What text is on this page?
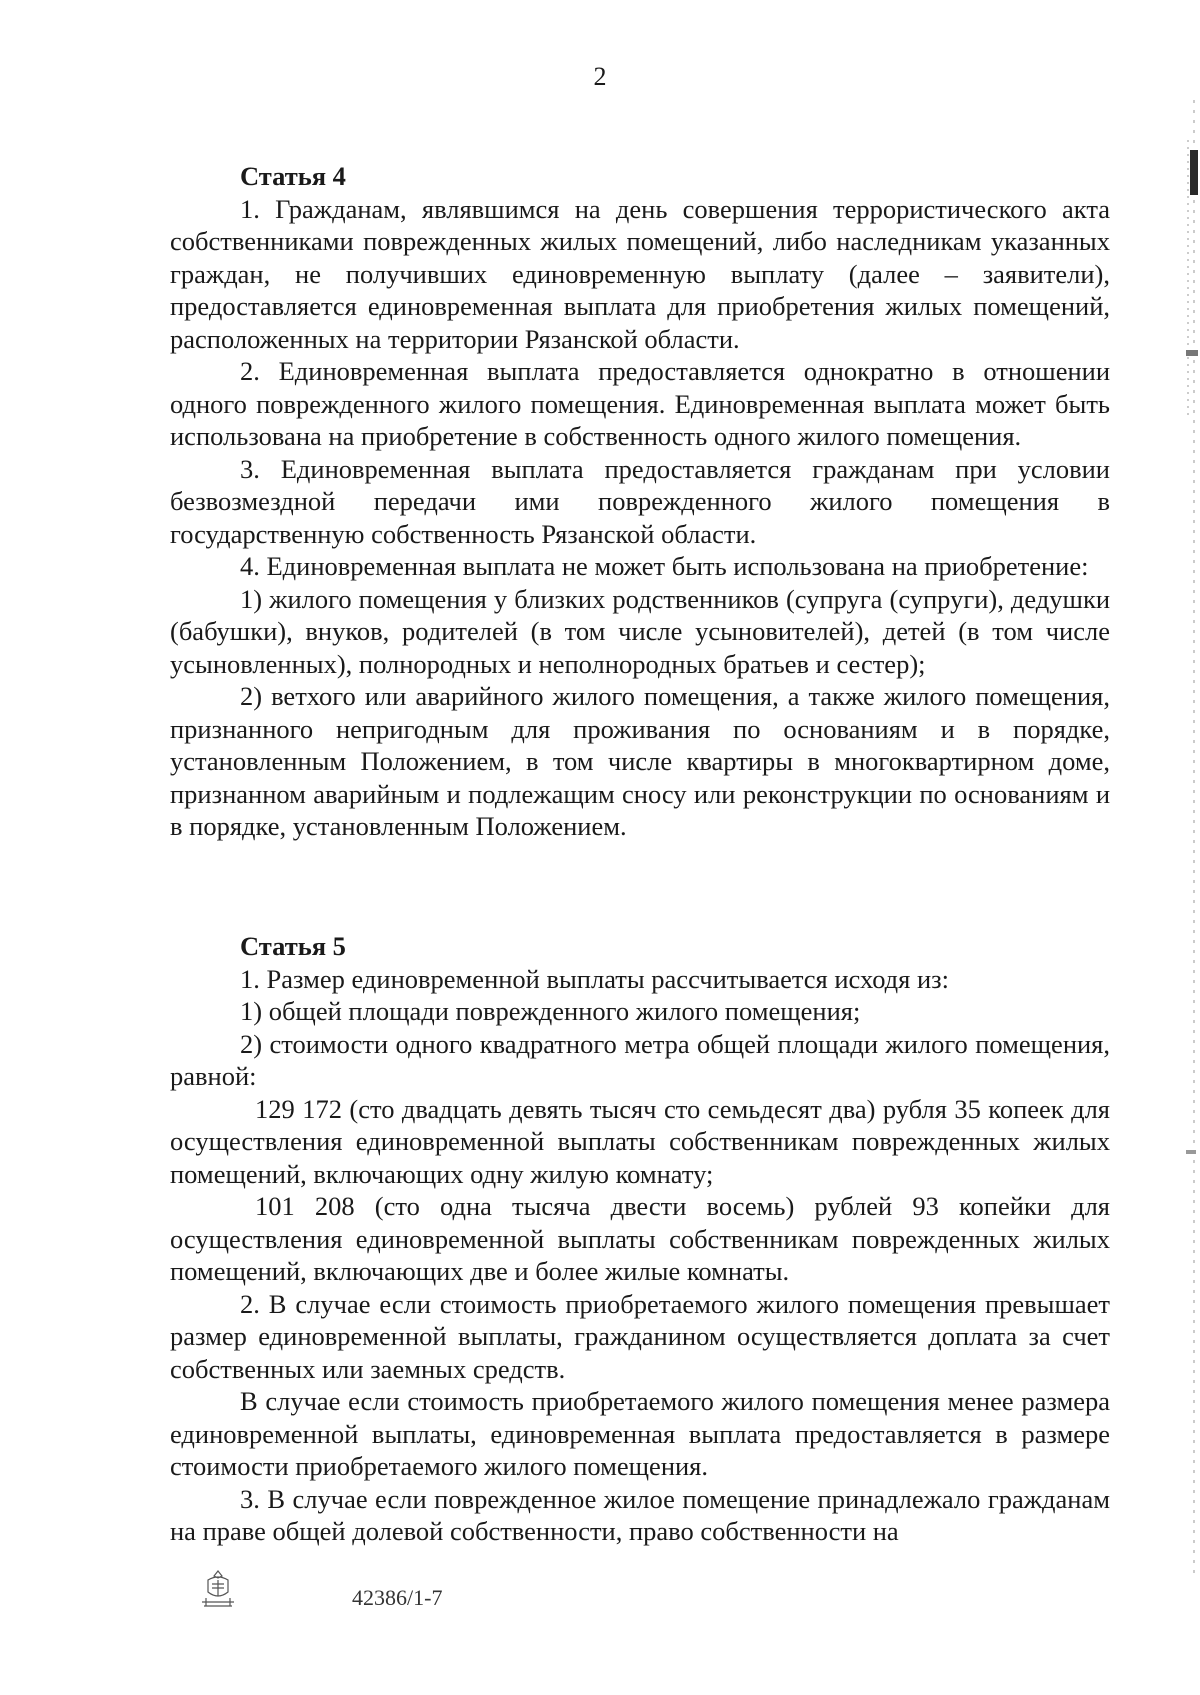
2

Статья 4

1. Гражданам, являвшимся на день совершения террористического акта собственниками поврежденных жилых помещений, либо наследникам указанных граждан, не получивших единовременную выплату (далее – заявители), предоставляется единовременная выплата для приобретения жилых помещений, расположенных на территории Рязанской области.

2. Единовременная выплата предоставляется однократно в отношении одного поврежденного жилого помещения. Единовременная выплата может быть использована на приобретение в собственность одного жилого помещения.

3. Единовременная выплата предоставляется гражданам при условии безвозмездной передачи ими поврежденного жилого помещения в государственную собственность Рязанской области.

4. Единовременная выплата не может быть использована на приобретение:

1) жилого помещения у близких родственников (супруга (супруги), дедушки (бабушки), внуков, родителей (в том числе усыновителей), детей (в том числе усыновленных), полнородных и неполнородных братьев и сестер);

2) ветхого или аварийного жилого помещения, а также жилого помещения, признанного непригодным для проживания по основаниям и в порядке, установленным Положением, в том числе квартиры в многоквартирном доме, признанном аварийным и подлежащим сносу или реконструкции по основаниям и в порядке, установленным Положением.

Статья 5

1. Размер единовременной выплаты рассчитывается исходя из:

1) общей площади поврежденного жилого помещения;

2) стоимости одного квадратного метра общей площади жилого помещения, равной:

129 172 (сто двадцать девять тысяч сто семьдесят два) рубля 35 копеек для осуществления единовременной выплаты собственникам поврежденных жилых помещений, включающих одну жилую комнату;

101 208 (сто одна тысяча двести восемь) рублей 93 копейки для осуществления единовременной выплаты собственникам поврежденных жилых помещений, включающих две и более жилые комнаты.

2. В случае если стоимость приобретаемого жилого помещения превышает размер единовременной выплаты, гражданином осуществляется доплата за счет собственных или заемных средств.

В случае если стоимость приобретаемого жилого помещения менее размера единовременной выплаты, единовременная выплата предоставляется в размере стоимости приобретаемого жилого помещения.

3. В случае если поврежденное жилое помещение принадлежало гражданам на праве общей долевой собственности, право собственности на

42386/1-7
